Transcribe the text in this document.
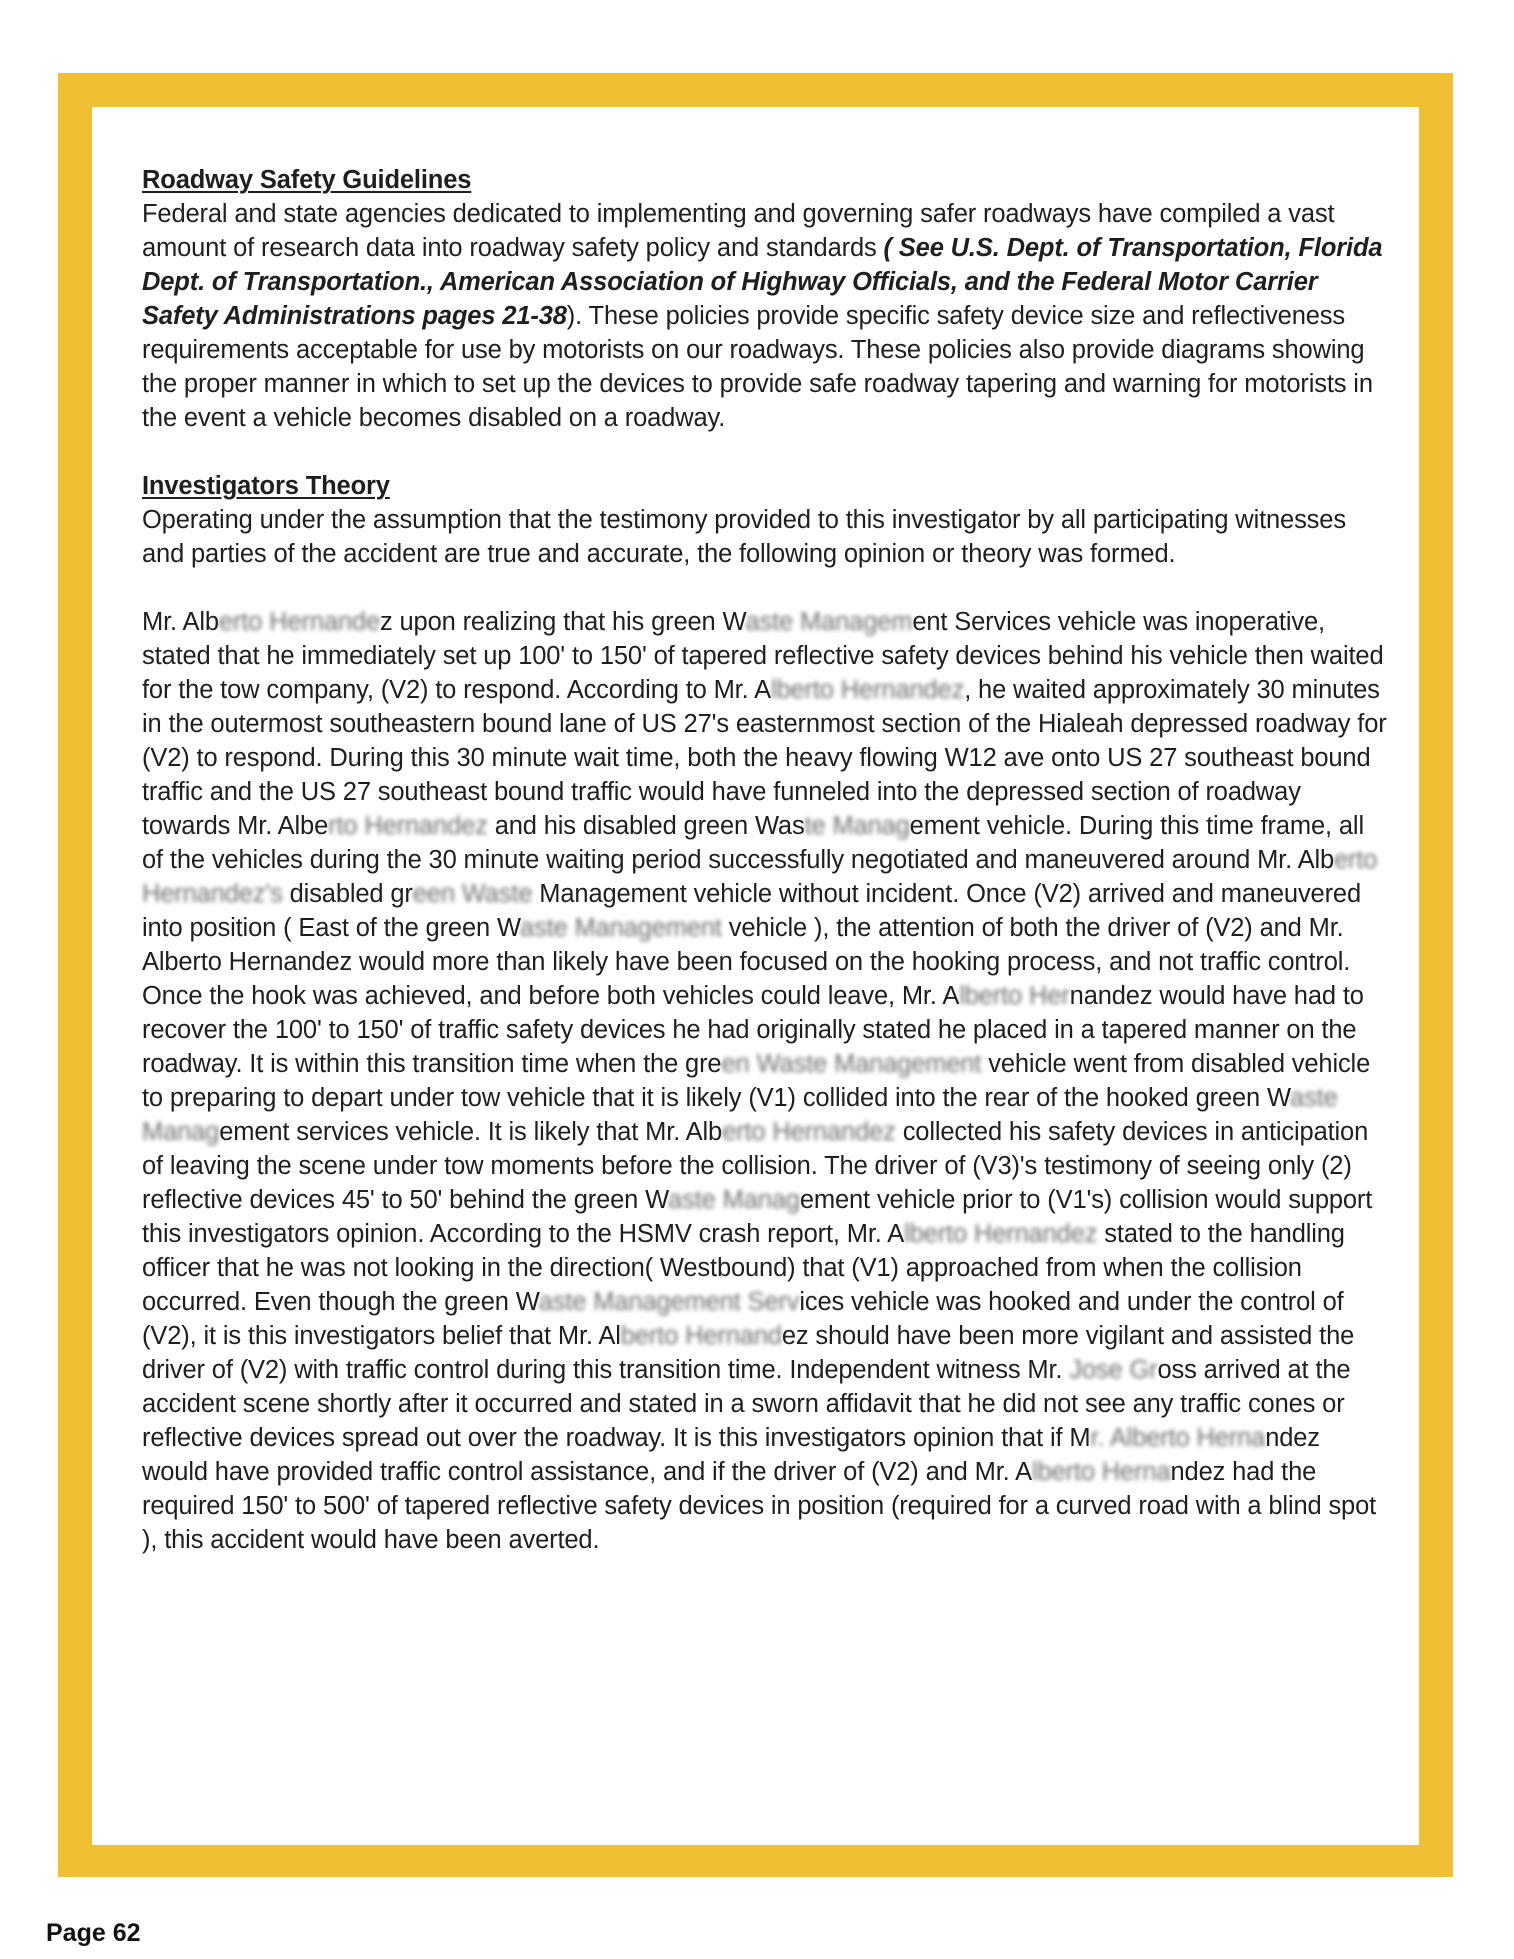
Roadway Safety Guidelines

Federal and state agencies dedicated to implementing and governing safer roadways have compiled a vast amount of research data into roadway safety policy and standards ( See U.S. Dept. of Transportation, Florida Dept. of Transportation., American Association of Highway Officials, and the Federal Motor Carrier Safety Administrations pages 21-38). These policies provide specific safety device size and reflectiveness requirements acceptable for use by motorists on our roadways. These policies also provide diagrams showing the proper manner in which to set up the devices to provide safe roadway tapering and warning for motorists in the event a vehicle becomes disabled on a roadway.

Investigators Theory

Operating under the assumption that the testimony provided to this investigator by all participating witnesses and parties of the accident are true and accurate, the following opinion or theory was formed.

Mr. Alberto Hernandez upon realizing that his green Waste Management Services vehicle was inoperative, stated that he immediately set up 100' to 150' of tapered reflective safety devices behind his vehicle then waited for the tow company, (V2) to respond. According to Mr. Alberto Hernandez, he waited approximately 30 minutes in the outermost southeastern bound lane of US 27's easternmost section of the Hialeah depressed roadway for (V2) to respond. During this 30 minute wait time, both the heavy flowing W12 ave onto US 27 southeast bound traffic and the US 27 southeast bound traffic would have funneled into the depressed section of roadway towards Mr. Alberto Hernandez and his disabled green Waste Management vehicle. During this time frame, all of the vehicles during the 30 minute waiting period successfully negotiated and maneuvered around Mr. Alberto Hernandez's disabled green Waste Management vehicle without incident. Once (V2) arrived and maneuvered into position ( East of the green Waste Management vehicle ), the attention of both the driver of (V2) and Mr. Alberto Hernandez would more than likely have been focused on the hooking process, and not traffic control. Once the hook was achieved, and before both vehicles could leave, Mr. Alberto Hernandez would have had to recover the 100' to 150' of traffic safety devices he had originally stated he placed in a tapered manner on the roadway. It is within this transition time when the green Waste Management vehicle went from disabled vehicle to preparing to depart under tow vehicle that it is likely (V1) collided into the rear of the hooked green Waste Management services vehicle. It is likely that Mr. Alberto Hernandez collected his safety devices in anticipation of leaving the scene under tow moments before the collision. The driver of (V3)'s testimony of seeing only (2) reflective devices 45' to 50' behind the green Waste Management vehicle prior to (V1's) collision would support this investigators opinion. According to the HSMV crash report, Mr. Alberto Hernandez stated to the handling officer that he was not looking in the direction( Westbound) that (V1) approached from when the collision occurred. Even though the green Waste Management Services vehicle was hooked and under the control of (V2), it is this investigators belief that Mr. Alberto Hernandez should have been more vigilant and assisted the driver of (V2) with traffic control during this transition time. Independent witness Mr. Jose Gross arrived at the accident scene shortly after it occurred and stated in a sworn affidavit that he did not see any traffic cones or reflective devices spread out over the roadway. It is this investigators opinion that if Mr. Alberto Hernandez would have provided traffic control assistance, and if the driver of (V2) and Mr. Alberto Hernandez had the required 150' to 500' of tapered reflective safety devices in position (required for a curved road with a blind spot ), this accident would have been averted.

Page 62
